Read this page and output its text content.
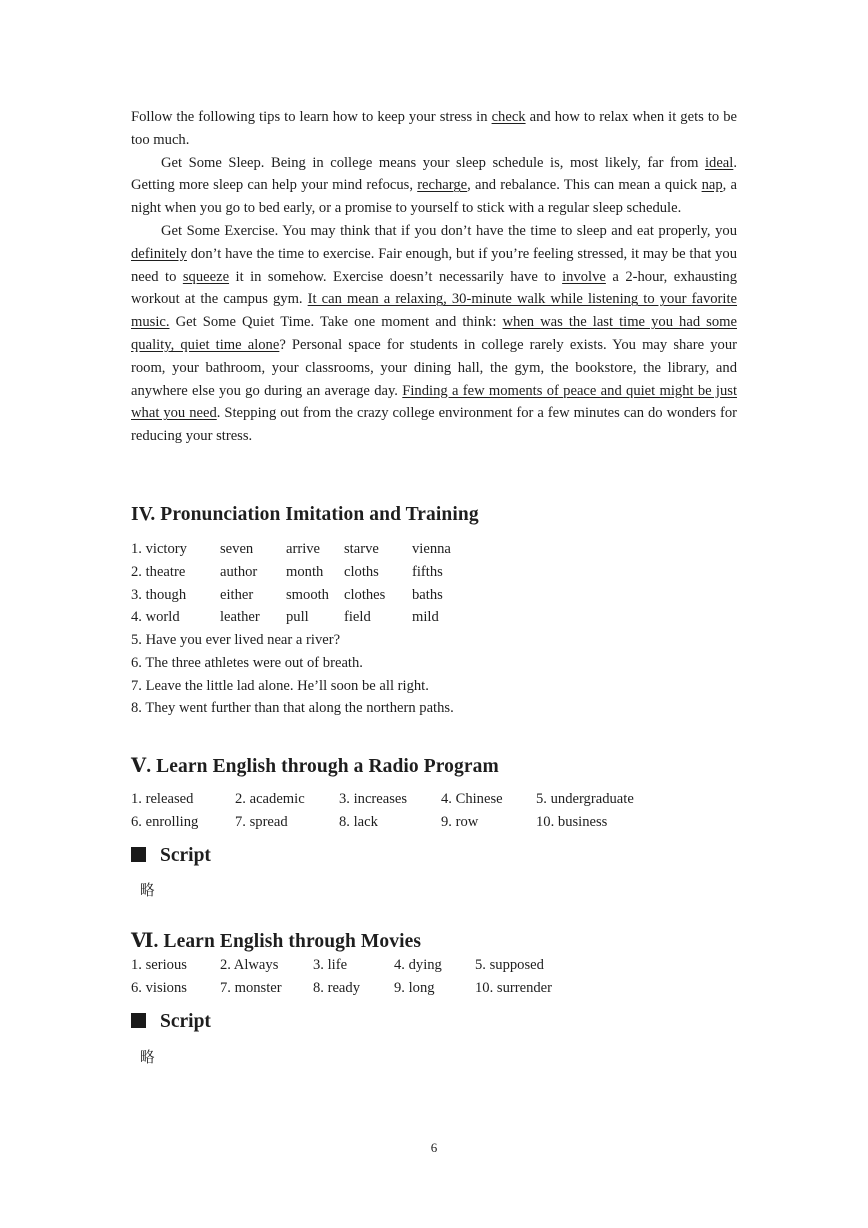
Follow the following tips to learn how to keep your stress in check and how to relax when it gets to be too much.

Get Some Sleep. Being in college means your sleep schedule is, most likely, far from ideal. Getting more sleep can help your mind refocus, recharge, and rebalance. This can mean a quick nap, a night when you go to bed early, or a promise to yourself to stick with a regular sleep schedule.

Get Some Exercise. You may think that if you don’t have the time to sleep and eat properly, you definitely don’t have the time to exercise. Fair enough, but if you’re feeling stressed, it may be that you need to squeeze it in somehow. Exercise doesn’t necessarily have to involve a 2-hour, exhausting workout at the campus gym. It can mean a relaxing, 30-minute walk while listening to your favorite music. Get Some Quiet Time. Take one moment and think: when was the last time you had some quality, quiet time alone? Personal space for students in college rarely exists. You may share your room, your bathroom, your classrooms, your dining hall, the gym, the bookstore, the library, and anywhere else you go during an average day. Finding a few moments of peace and quiet might be just what you need. Stepping out from the crazy college environment for a few minutes can do wonders for reducing your stress.

IV. Pronunciation Imitation and Training
1. victory seven arrive starve vienna
2. theatre author month cloths fifths
3. though either smooth clothes baths
4. world	leather pull field	mild
5. Have you ever lived near a river?
6. The three athletes were out of breath.
7. Leave the little lad alone. He’ll soon be all right.
8. They went further than that along the northern paths.
Ⅴ. Learn English through a Radio Program
1. released	2. academic 3. increases 4. Chinese 5. undergraduate
6. enrolling	7. spread	8. lack	9. row	10. business
Script
略
Ⅵ. Learn English through Movies
1. serious 2. Always 3. life	4. dying 5. supposed
6. visions 7. monster 8. ready 9. long	10. surrender
Script
略
6
